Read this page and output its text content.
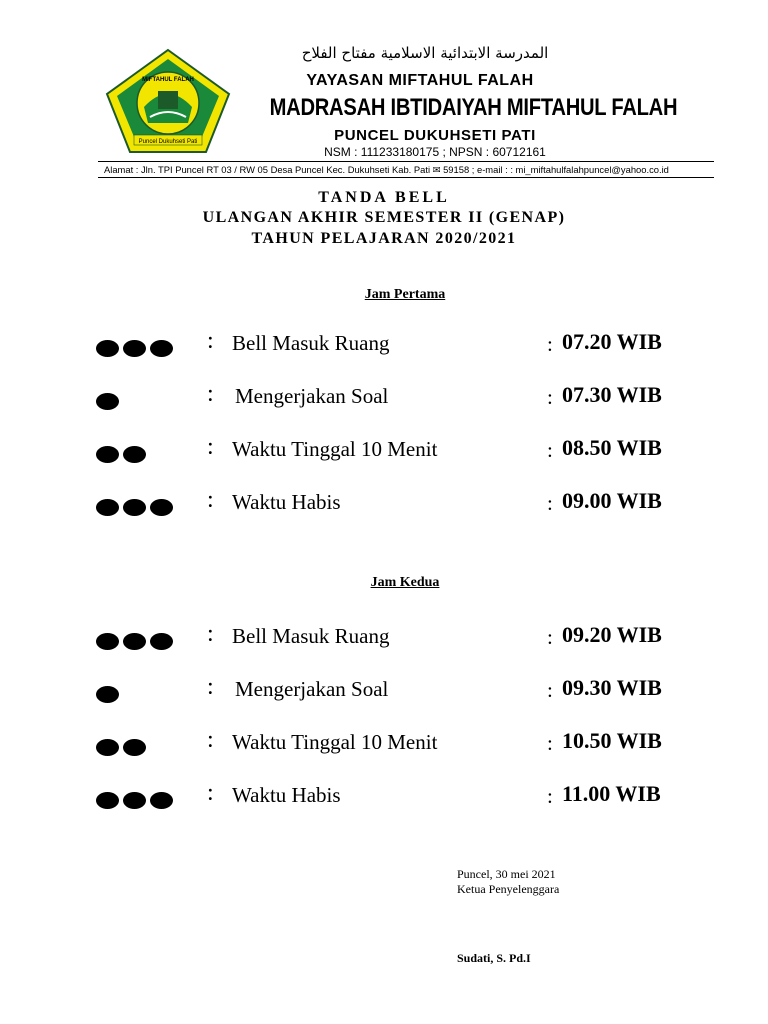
MIFTAHUL FALAH
Puncel Dukuhseti Pati
المدرسة الابتدائية الاسلامية مفتاح الفلاح
YAYASAN MIFTAHUL FALAH
MADRASAH IBTIDAIYAH MIFTAHUL FALAH
PUNCEL DUKUHSETI PATI
NSM : 111233180175 ; NPSN : 60712161
Alamat : Jln. TPI Puncel RT 03 / RW 05 Desa Puncel Kec. Dukuhseti Kab. Pati ✉ 59158 ; e-mail : : mi_miftahulfalahpuncel@yahoo.co.id
TANDA BELL
ULANGAN AKHIR SEMESTER II (GENAP)
TAHUN PELAJARAN 2020/2021
Jam Pertama
: Bell Masuk Ruang	: 07.20 WIB
: Mengerjakan Soal	: 07.30 WIB
: Waktu Tinggal 10 Menit	: 08.50 WIB
: Waktu Habis	: 09.00 WIB
Jam Kedua
: Bell Masuk Ruang	: 09.20 WIB
: Mengerjakan Soal	: 09.30 WIB
: Waktu Tinggal 10 Menit	: 10.50 WIB
: Waktu Habis	: 11.00 WIB
Puncel, 30 mei 2021
Ketua Penyelenggara
Sudati, S. Pd.I
